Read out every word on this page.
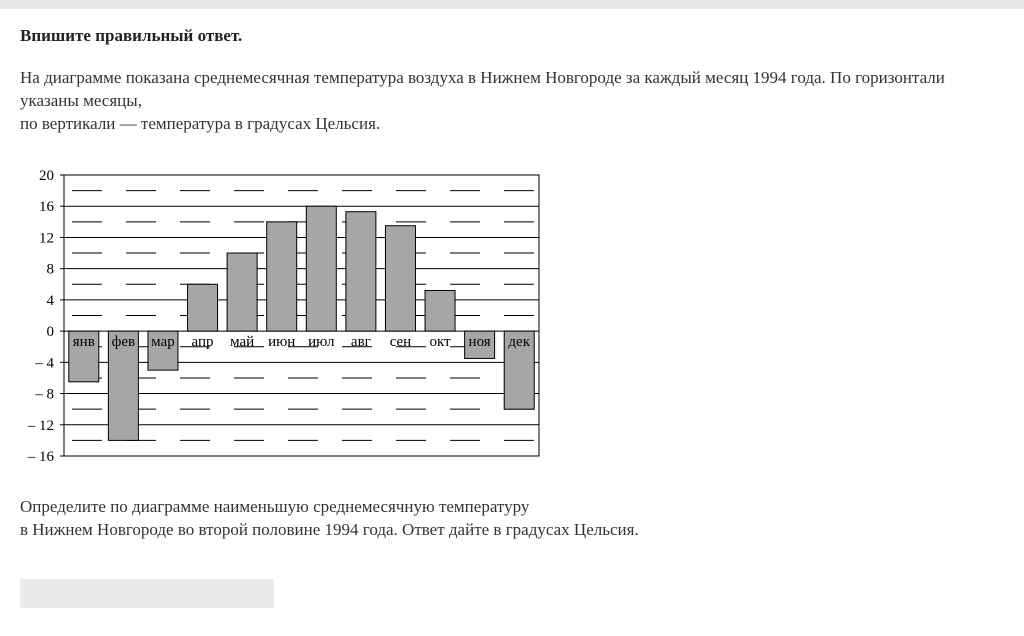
Впишите правильный ответ.
На диаграмме показана среднемесячная температура воздуха в Нижнем Новгороде за каждый месяц 1994 года. По горизонтали
указаны месяцы,
по вертикали — температура в градусах Цельсия.
янв фев мар апр май июн июл авг сен окт ноя дек
20
16
12
8
4
0
– 4
– 8
– 12
– 16
Определите по диаграмме наименьшую среднемесячную температуру
в Нижнем Новгороде во второй половине 1994 года. Ответ дайте в градусах Цельсия.
